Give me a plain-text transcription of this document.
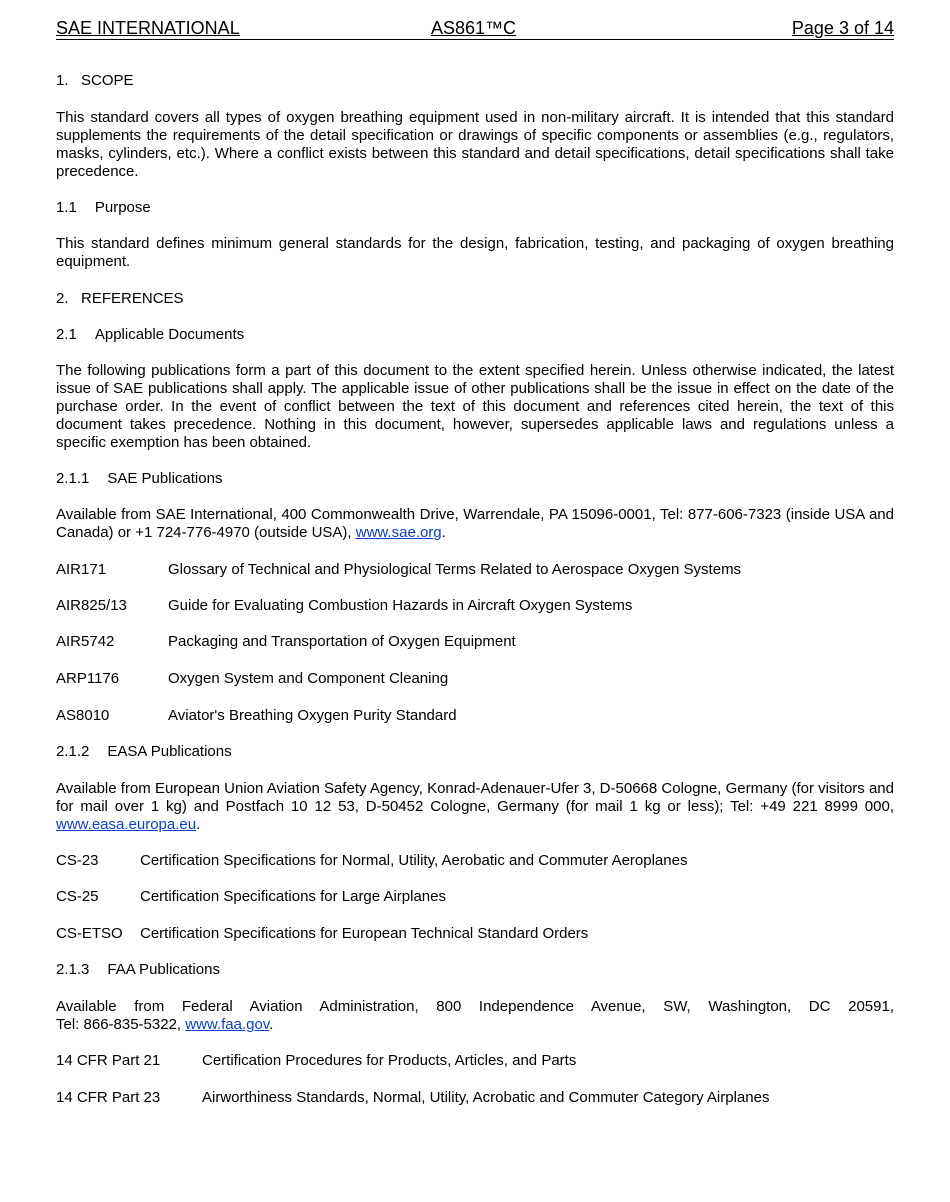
SAE INTERNATIONAL	AS861™C	Page 3 of 14
1. SCOPE
This standard covers all types of oxygen breathing equipment used in non-military aircraft. It is intended that this standard supplements the requirements of the detail specification or drawings of specific components or assemblies (e.g., regulators, masks, cylinders, etc.). Where a conflict exists between this standard and detail specifications, detail specifications shall take precedence.
1.1 Purpose
This standard defines minimum general standards for the design, fabrication, testing, and packaging of oxygen breathing equipment.
2. REFERENCES
2.1 Applicable Documents
The following publications form a part of this document to the extent specified herein. Unless otherwise indicated, the latest issue of SAE publications shall apply. The applicable issue of other publications shall be the issue in effect on the date of the purchase order. In the event of conflict between the text of this document and references cited herein, the text of this document takes precedence. Nothing in this document, however, supersedes applicable laws and regulations unless a specific exemption has been obtained.
2.1.1 SAE Publications
Available from SAE International, 400 Commonwealth Drive, Warrendale, PA 15096-0001, Tel: 877-606-7323 (inside USA and Canada) or +1 724-776-4970 (outside USA), www.sae.org.
AIR171	Glossary of Technical and Physiological Terms Related to Aerospace Oxygen Systems
AIR825/13	Guide for Evaluating Combustion Hazards in Aircraft Oxygen Systems
AIR5742	Packaging and Transportation of Oxygen Equipment
ARP1176	Oxygen System and Component Cleaning
AS8010	Aviator's Breathing Oxygen Purity Standard
2.1.2 EASA Publications
Available from European Union Aviation Safety Agency, Konrad-Adenauer-Ufer 3, D-50668 Cologne, Germany (for visitors and for mail over 1 kg) and Postfach 10 12 53, D-50452 Cologne, Germany (for mail 1 kg or less); Tel: +49 221 8999 000, www.easa.europa.eu.
CS-23	Certification Specifications for Normal, Utility, Aerobatic and Commuter Aeroplanes
CS-25	Certification Specifications for Large Airplanes
CS-ETSO Certification Specifications for European Technical Standard Orders
2.1.3 FAA Publications
Available from Federal Aviation Administration, 800 Independence Avenue, SW, Washington, DC 20591,
Tel: 866-835-5322, www.faa.gov.
14 CFR Part 21	Certification Procedures for Products, Articles, and Parts
14 CFR Part 23	Airworthiness Standards, Normal, Utility, Acrobatic and Commuter Category Airplanes
